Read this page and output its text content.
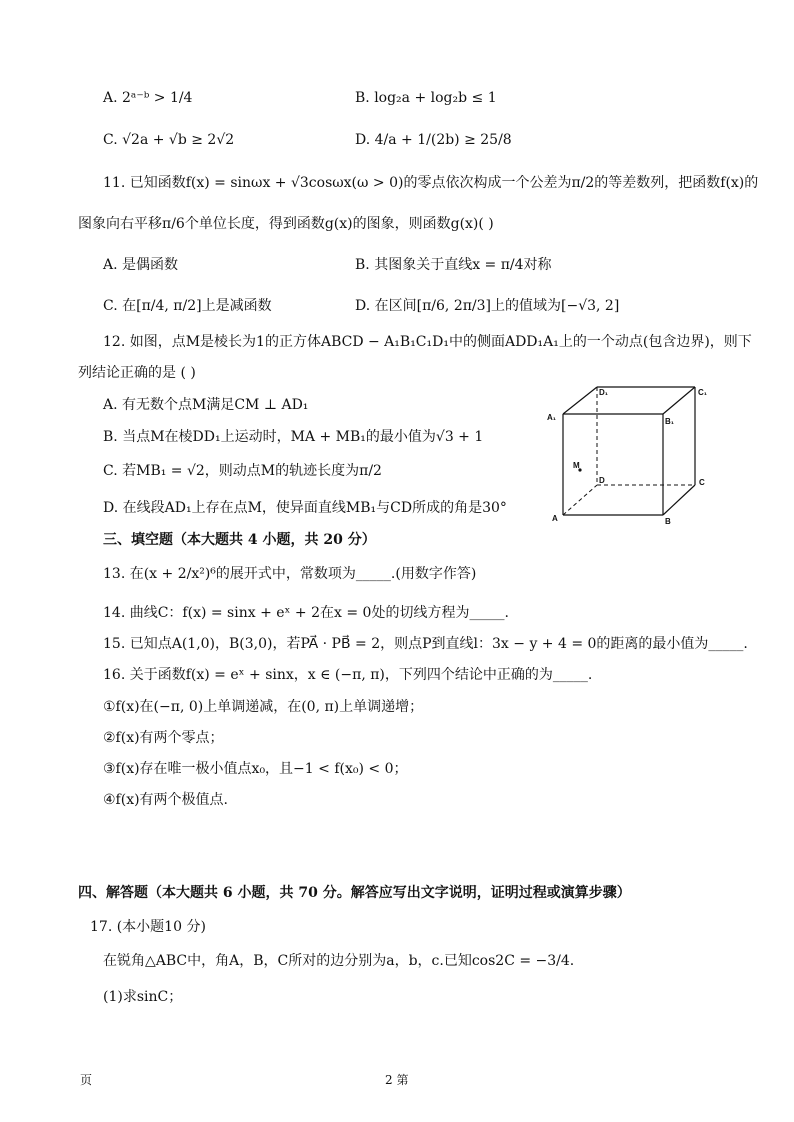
A. 2ᵃ⁻ᵇ > 1/4	B. log₂a + log₂b ≤ 1
C. √2a + √b ≥ 2√2	D. 4/a + 1/(2b) ≥ 25/8
11. 已知函数f(x) = sinωx + √3cosωx(ω > 0)的零点依次构成一个公差为π/2的等差数列，把函数f(x)的
图象向右平移π/6个单位长度，得到函数g(x)的图象，则函数g(x)( )
A. 是偶函数	B. 其图象关于直线x = π/4对称
C. 在[π/4, π/2]上是减函数	D. 在区间[π/6, 2π/3]上的值域为[−√3, 2]
12. 如图，点M是棱长为1的正方体ABCD − A₁B₁C₁D₁中的侧面ADD₁A₁上的一个动点(包含边界)，则下
列结论正确的是 ( )
A. 有无数个点M满足CM ⊥ AD₁
B. 当点M在棱DD₁上运动时，MA + MB₁的最小值为√3 + 1
C. 若MB₁ = √2，则动点M的轨迹长度为π/2
D. 在线段AD₁上存在点M，使异面直线MB₁与CD所成的角是30°
D₁	C₁
A₁	B₁
M
D	C
A	B
三、填空题（本大题共 4 小题，共 20 分）
13. 在(x + 2/x²)⁶的展开式中，常数项为_____.(用数字作答)
14. 曲线C：f(x) = sinx + eˣ + 2在x = 0处的切线方程为_____.
15. 已知点A(1,0)，B(3,0)，若PA⃗ · PB⃗ = 2，则点P到直线l：3x − y + 4 = 0的距离的最小值为_____.
16. 关于函数f(x) = eˣ + sinx，x ∈ (−π, π)，下列四个结论中正确的为_____.
①f(x)在(−π, 0)上单调递减，在(0, π)上单调递增；
②f(x)有两个零点；
③f(x)存在唯一极小值点x₀，且−1 < f(x₀) < 0；
④f(x)有两个极值点.
四、解答题（本大题共 6 小题，共 70 分。解答应写出文字说明，证明过程或演算步骤）
17. (本小题10 分)
在锐角△ABC中，角A，B，C所对的边分别为a，b，c.已知cos2C = −3/4.
(1)求sinC；
页	2 第
